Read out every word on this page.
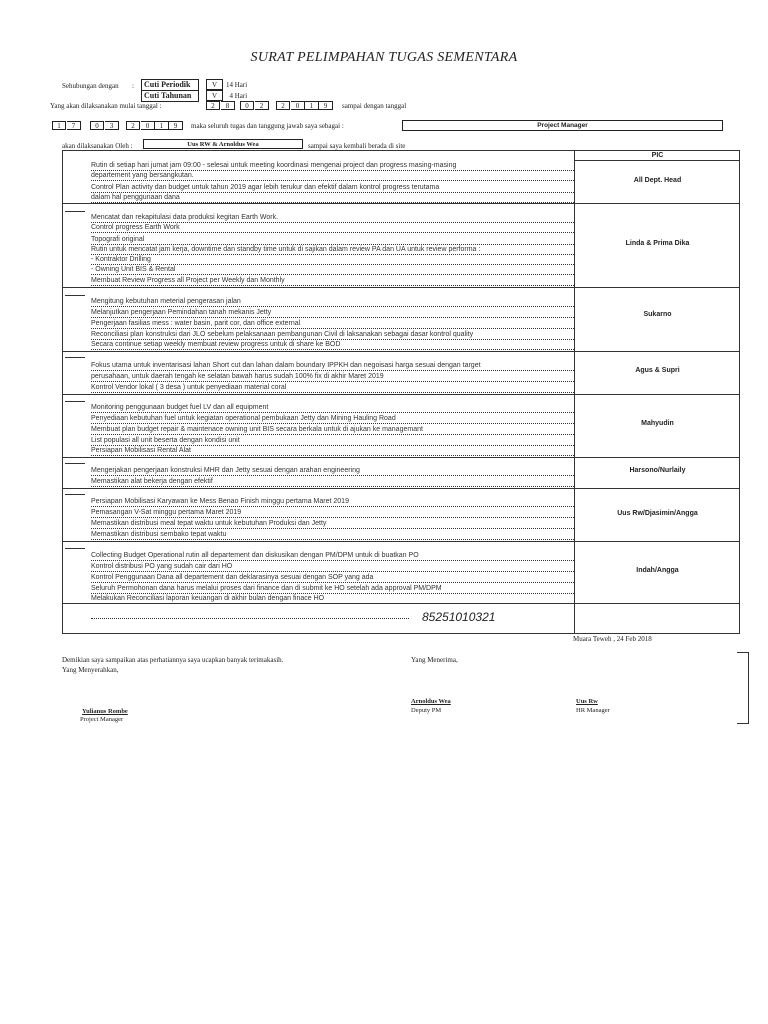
SURAT PELIMPAHAN TUGAS SEMENTARA
Sehubungan dengan :	Cuti Periodik	V	14 Hari
Cuti Tahunan	V	4 Hari
Yang akan dilaksanakan mulai tanggal :	2	8	0	2	2	0	1	9	sampai dengan tanggal
1	7	0	3	2	0	1	9	maka seluruh tugas dan tanggung jawab saya sebagai :	Project Manager
akan dilaksanakan Oleh :	Uus RW & Arnoldus Wea	sampai saya kembali berada di site
PIC
Rutin di setiap hari jumat jam 09:00 - selesai untuk meeting koordinasi mengenai project dan progress masing-masing
departement yang bersangkutan.
Control Plan activity dan budget untuk tahun 2019 agar lebih terukur dan efektif dalam kontrol progress terutama
dalam hal penggunaan dana
All Dept. Head
Mencatat dan rekapitulasi data produksi kegitan Earth Work.
Control progress Earth Work
Topografi original
Rutin untuk mencatat jam kerja, downtime dan standby time untuk di sajikan dalam review PA dan UA untuk review performa :
- Kontraktor Drilling
- Owning Unit BIS & Rental
Membuat Review Progress all Project per Weekly dan Monthly
Linda & Prima Dika
Mengitung kebutuhan meterial pengerasan jalan
Melanjutkan pengerjaan Pemindahan tanah mekanis Jetty
Pengerjaan fasilias mess : water basin, parit cor, dan office external
Reconciliasi plan konstruksi dari JLO sebelum pelaksanaan pembangunan Civil di laksanakan sebagai dasar kontrol quality
Secara continue setiap weekly membuat review progress untuk di share ke BOD
Sukarno
Fokus utama untuk inventarisasi lahan Short cut dan lahan dalam boundary IPPKH dan negoisasi harga sesuai dengan target
perusahaan, untuk daerah tengah ke selatan bawah harus sudah 100% fix di akhir Maret 2019
Kontrol Vendor lokal ( 3 desa ) untuk penyediaan material coral
Agus & Supri
Monitoring penggunaan budget fuel LV dan all equipment
Penyediaan kebutuhan fuel untuk kegiatan operational pembukaan Jetty dan Mining Hauling Road
Membuat plan budget repair & maintenace owning unit BIS secara berkala untuk di ajukan ke managemant
List populasi all unit beserta dengan kondisi unit
Persiapan Mobilisasi Rental Alat
Mahyudin
Mengerjakan pengerjaan konstruksi MHR dan Jetty sesuai dengan arahan engineering
Memastikan alat bekerja dengan efektif
Harsono/Nurlaily
Persiapan Mobilisasi Karyawan ke Mess Benao Finish minggu pertama Maret 2019
Pemasangan V-Sat minggu pertama Maret 2019
Memastikan distribusi meal tepat waktu untuk kebutuhan Produksi dan Jetty
Memastikan distribusi sembako tepat waktu
Uus Rw/Djasimin/Angga
Collecting Budget Operational rutin all departement dan diskusikan dengan PM/DPM untuk di buatkan PO
Kontrol distribusi PO yang sudah cair dari HO
Kontrol Penggunaan Dana all departement dan deklarasinya sesuai dengan SOP yang ada
Seluruh Permohonan dana harus melalui proses dari finance dan di submit ke HO setelah ada approval PM/DPM
Melakukan Reconciliasi laporan keuangan di akhir bulan dengan finace HO
Indah/Angga
85251010321
Muara Teweh , 24 Feb 2018
Demikian saya sampaikan atas perhatiannya saya ucapkan banyak terimakasih.
Yang Menyerahkan,
Yang Menerima,
Yulianus Rombe
Project Manager
Arnoldus Wea
Deputy PM
Uus Rw
HR Manager
